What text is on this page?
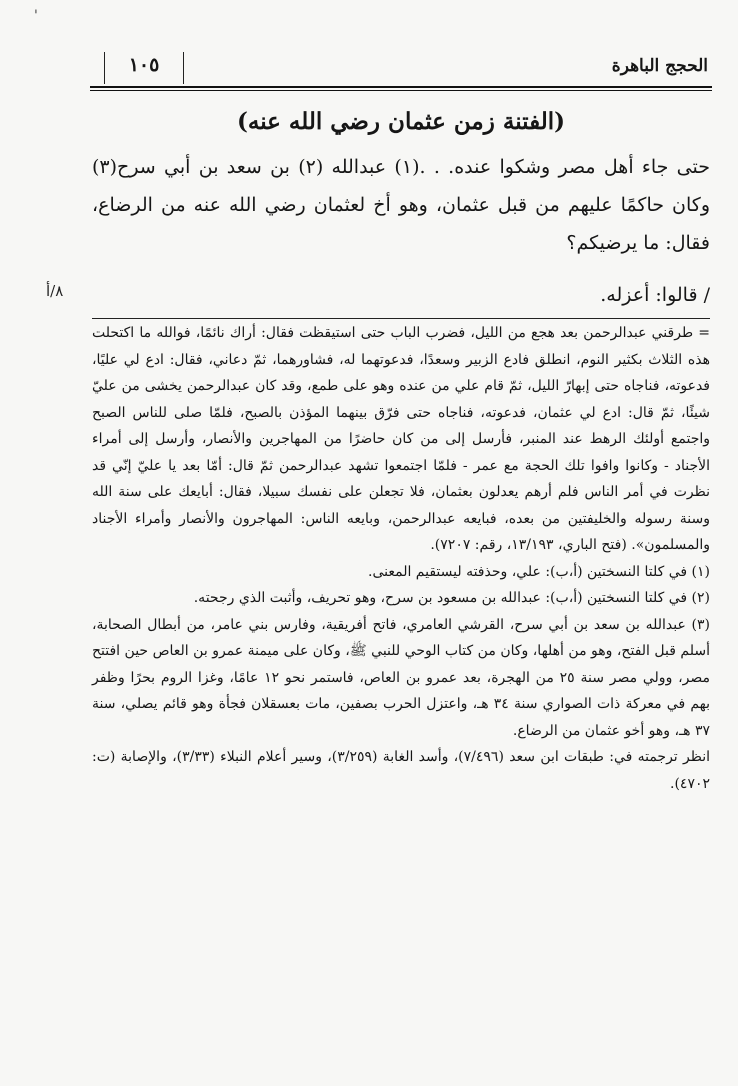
'
الحجج الباهرة
١٠٥
(الفتنة زمن عثمان رضي الله عنه)

حتى جاء أهل مصر وشكوا عنده. . .(١) عبدالله (٢) بن سعد بن أبي سرح(٣) وكان حاكمًا عليهم من قبل عثمان، وهو أخ لعثمان رضي الله عنه من الرضاع، فقال: ما يرضيكم؟

/ قالوا: أعزله.
٨/أ

= طرقني عبدالرحمن بعد هجع من الليل، فضرب الباب حتى استيقظت فقال: أراك نائمًا، فوالله ما اكتحلت هذه الثلاث بكثير النوم، انطلق فادع الزبير وسعدًا، فدعوتهما له، فشاورهما، ثمّ دعاني، فقال: ادع لي عليًا، فدعوته، فناجاه حتى إبهارّ الليل، ثمّ قام علي من عنده وهو على طمع، وقد كان عبدالرحمن يخشى من عليّ شيئًا، ثمّ قال: ادع لي عثمان، فدعوته، فناجاه حتى فرّق بينهما المؤذن بالصبح، فلمّا صلى للناس الصبح واجتمع أولئك الرهط عند المنبر، فأرسل إلى من كان حاضرًا من المهاجرين والأنصار، وأرسل إلى أمراء الأجناد - وكانوا وافوا تلك الحجة مع عمر - فلمّا اجتمعوا تشهد عبدالرحمن ثمّ قال: أمّا بعد يا عليّ إنّي قد نظرت في أمر الناس فلم أرهم يعدلون بعثمان، فلا تجعلن على نفسك سبيلا، فقال: أبايعك على سنة الله وسنة رسوله والخليفتين من بعده، فبايعه عبدالرحمن، وبايعه الناس: المهاجرون والأنصار وأمراء الأجناد والمسلمون». (فتح الباري، ١٣/١٩٣، رقم: ٧٢٠٧).

(١) في كلتا النسختين (أ،ب): علي، وحذفته ليستقيم المعنى.

(٢) في كلتا النسختين (أ،ب): عبدالله بن مسعود بن سرح، وهو تحريف، وأثبت الذي رجحته.

(٣) عبدالله بن سعد بن أبي سرح، القرشي العامري، فاتح أفريقية، وفارس بني عامر، من أبطال الصحابة، أسلم قبل الفتح، وهو من أهلها، وكان من كتاب الوحي للنبي ﷺ، وكان على ميمنة عمرو بن العاص حين افتتح مصر، وولي مصر سنة ٢٥ من الهجرة، بعد عمرو بن العاص، فاستمر نحو ١٢ عامًا، وغزا الروم بحرًا وظفر بهم في معركة ذات الصواري سنة ٣٤ هـ، واعتزل الحرب بصفين، مات بعسقلان فجأة وهو قائم يصلي، سنة ٣٧ هـ، وهو أخو عثمان من الرضاع.

انظر ترجمته في: طبقات ابن سعد (٧/٤٩٦)، وأسد الغابة (٣/٢٥٩)، وسير أعلام النبلاء (٣/٣٣)، والإصابة (ت: ٤٧٠٢).
